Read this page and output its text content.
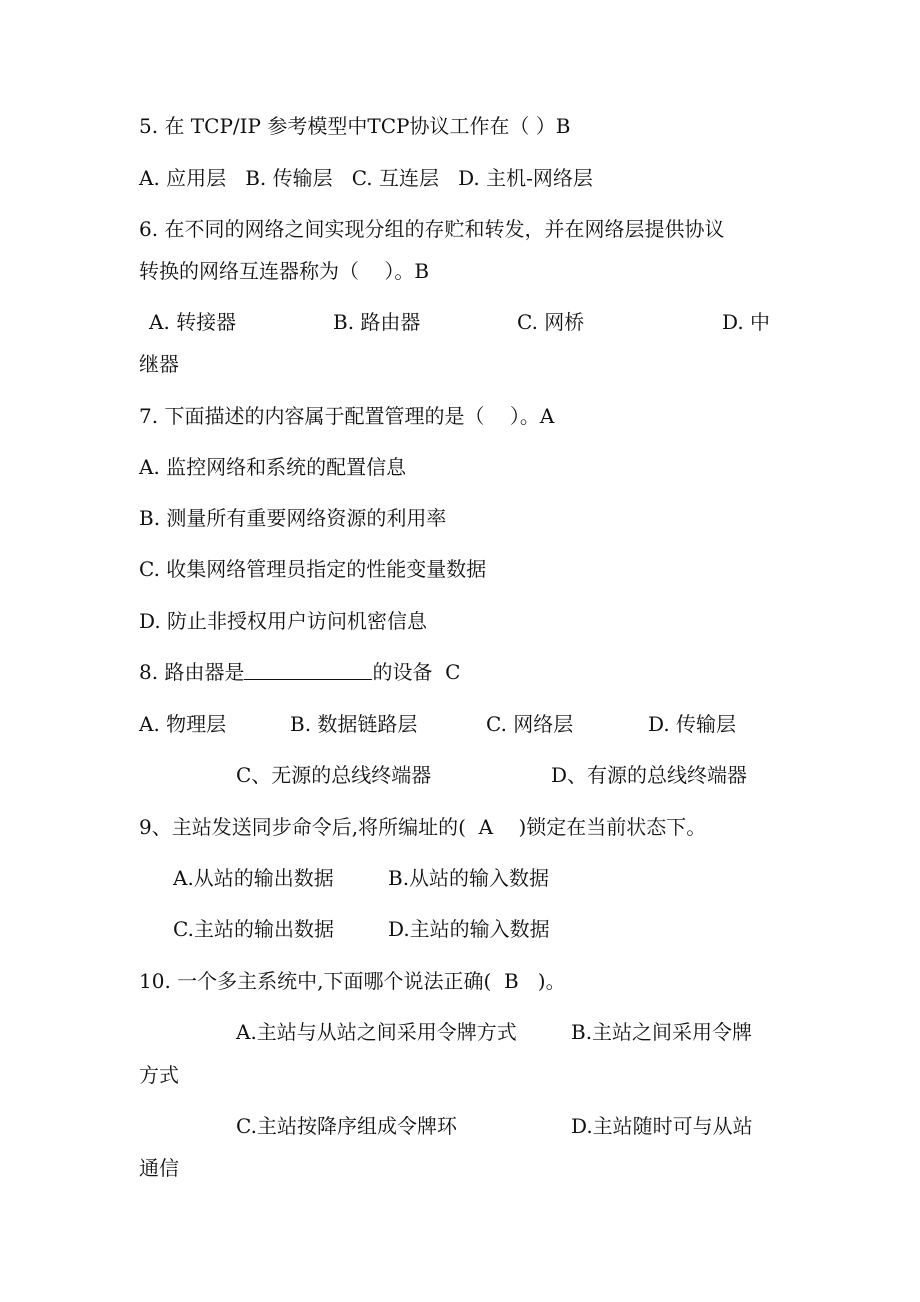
5. 在 TCP/IP 参考模型中TCP协议工作在（ ）B
A. 应用层   B. 传输层   C. 互连层   D. 主机-网络层
6. 在不同的网络之间实现分组的存贮和转发，并在网络层提供协议
转换的网络互连器称为（    ）。B
A. 转接器	B. 路由器	C. 网桥	D. 中
继器
7. 下面描述的内容属于配置管理的是（    ）。A
A. 监控网络和系统的配置信息
B. 测量所有重要网络资源的利用率
C. 收集网络管理员指定的性能变量数据
D. 防止非授权用户访问机密信息
8. 路由器是	的设备  C
A. 物理层	B. 数据链路层	C. 网络层	D. 传输层
C、无源的总线终端器	D、有源的总线终端器
9、主站发送同步命令后,将所编址的(  A    )锁定在当前状态下。
A.从站的输出数据	B.从站的输入数据
C.主站的输出数据	D.主站的输入数据
10. 一个多主系统中,下面哪个说法正确(  B   )。
A.主站与从站之间采用令牌方式	B.主站之间采用令牌
方式
C.主站按降序组成令牌环	D.主站随时可与从站
通信
